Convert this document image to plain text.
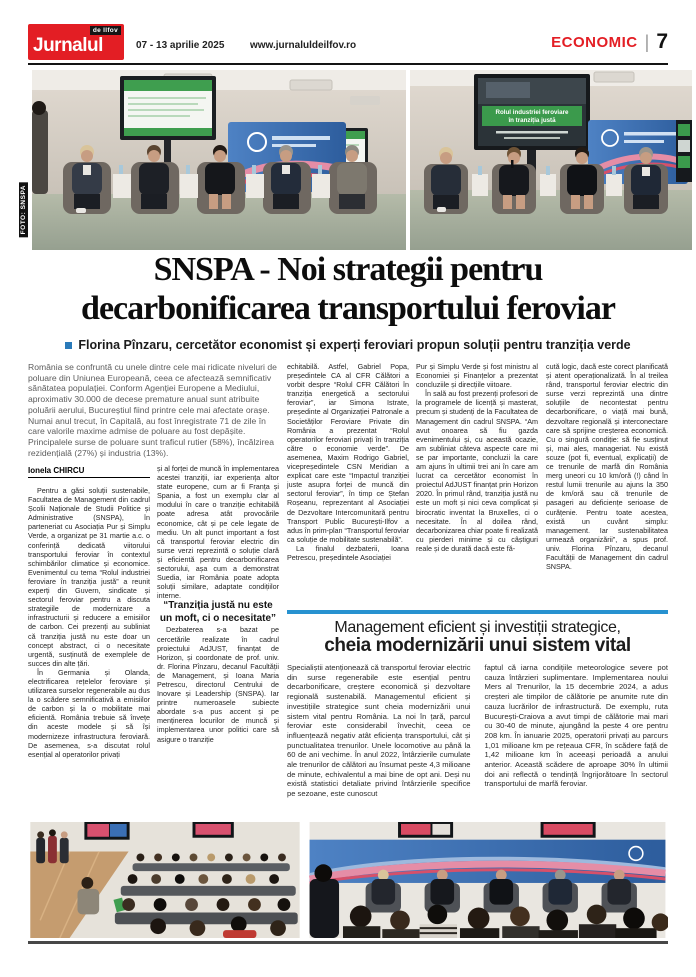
de Ilfov
Jurnalul	07 - 13 aprilie 2025	www.jurnaluldeilfov.ro	ECONOMIC | 7
FOTO: SNSPA
Rolul industriei feroviare
în tranziția justă
SNSPA - Noi strategii pentru
decarbonificarea transportului feroviar
Florina Pînzaru, cercetător economist și experți feroviari propun soluții pentru tranziția verde
România se confruntă cu unele dintre cele mai ridicate niveluri de poluare din Uniunea Europeană, ceea ce afectează semnificativ sănătatea populației. Conform Agenției Europene a Mediului, aproximativ 30.000 de decese premature anual sunt atribuite poluării aerului, Bucureștiul fiind printre cele mai afectate orașe. Numai anul trecut, în Capitală, au fost înregistrate 71 de zile în care valorile maxime admise de poluare au fost depășite. Principalele surse de poluare sunt traficul rutier (58%), încălzirea rezidențială (27%) și industria (13%).
Ionela CHIRCU

Pentru a găsi soluții sustenabile, Facultatea de Management din cadrul Școlii Naționale de Studii Politice și Administrative (SNSPA), în parteneriat cu Asociația Pur și Simplu Verde, a organizat pe 31 martie a.c. o conferință dedicată viitorului transportului feroviar în contextul schimbărilor climatice și economice. Evenimentul cu tema “Rolul industriei feroviare în tranziția justă” a reunit experți din Guvern, sindicate și sectorul feroviar pentru a discuta strategiile de modernizare a infrastructurii și reducere a emisiilor de carbon. Cei prezenți au subliniat că tranziția justă nu este doar un concept abstract, ci o necesitate urgentă, susținută de exemplele de succes din alte țări.

În Germania și Olanda, electrificarea rețelelor feroviare și utilizarea surselor regenerabile au dus la o scădere semnificativă a emisiilor de carbon și la o mobilitate mai eficientă. România trebuie să învețe din aceste modele și să își modernizeze infrastructura feroviară. De asemenea, s-a discutat rolul esențial al operatorilor privați

și al forței de muncă în implementarea acestei tranziții, iar experiența altor state europene, cum ar fi Franța și Spania, a fost un exemplu clar al modului în care o tranziție echitabilă poate adresa atât provocările economice, cât și pe cele legate de mediu. Un alt punct important a fost că transportul feroviar electric din surse verzi reprezintă o soluție clară și eficientă pentru decarbonificarea sectorului, așa cum a demonstrat Suedia, iar România poate adopta soluții similare, adaptate condițiilor interne.

“Tranziția justă nu este un moft, ci o necesitate”

Dezbaterea s-a bazat pe cercetările realizate în cadrul proiectului AdJUST, finanțat de Horizon, și coordonate de prof. univ. dr. Florina Pînzaru, decanul Facultății de Management, și Ioana Maria Petrescu, directorul Centrului de Inovare și Leadership (SNSPA). Iar printre numeroasele subiecte abordate s-a pus accent și pe menținerea locurilor de muncă și implementarea unor politici care să asigure o tranziție

echitabilă. Astfel, Gabriel Popa, președintele CA al CFR Călători a vorbit despre “Rolul CFR Călători în tranziția energetică a sectorului feroviar”, iar Simona Istrate, președinte al Organizației Patronale a Societăților Feroviare Private din România a prezentat “Rolul operatorilor feroviari privați în tranziția către o economie verde”. De asemenea, Maxim Rodrigo Gabriel, vicepreședintele CSN Meridian a explicat care este “Impactul tranziției juste asupra forței de muncă din sectorul feroviar”, în timp ce Ștefan Roșeanu, reprezentant al Asociației de Dezvoltare Intercomunitară pentru Transport Public București-Ilfov a adus în prim-plan “Transportul feroviar ca soluție de mobilitate sustenabilă”.

La finalul dezbaterii, Ioana Petrescu, președintele Asociației

Pur și Simplu Verde și fost ministru al Economiei și Finanțelor a prezentat concluziile și direcțiile viitoare.

În sală au fost prezenți profesori de la programele de licență și masterat, precum și studenți de la Facultatea de Management din cadrul SNSPA. “Am avut onoarea să fiu gazda evenimentului și, cu această ocazie, am subliniat câteva aspecte care mi se par importante, concluzii la care am ajuns în ultimii trei ani în care am lucrat ca cercetător economist în proiectul AdJUST finanțat prin Horizon 2020. În primul rând, tranziția justă nu este un moft și nici ceva complicat și birocratic inventat la Bruxelles, ci o necesitate. În al doilea rând, decarbonizarea chiar poate fi realizată cu pierderi minime și cu câștiguri reale și de durată dacă este fă-

cută logic, dacă este corect planificată și atent operaționalizată. În al treilea rând, transportul feroviar electric din surse verzi reprezintă una dintre soluțiile de necontestat pentru decarbonificare, o viață mai bună, dezvoltare regională și interconectare care să sprijine creșterea economică. Cu o singură condiție: să fie susținut și, mai ales, manageriat. Nu există scuze (pot fi, eventual, explicații) de ce trenurile de marfă din România merg uneori cu 10 km/oră (!) când în restul lumii trenurile au ajuns la 350 de km/oră sau că trenurile de pasageri au deficiențe serioase de curățenie. Pentru toate acestea, există un cuvânt simplu: management. Iar sustenabilitatea urmează organizării”, a spus prof. univ. Florina Pînzaru, decanul Facultății de Management din cadrul SNSPA.

Management eficient și investiții strategice,
cheia modernizării unui sistem vital
Specialiștii atenționează că transportul feroviar electric din surse regenerabile este esențial pentru decarbonificare, creștere economică și dezvoltare regională sustenabilă. Managementul eficient și investițiile strategice sunt cheia modernizării unui sistem vital pentru România. La noi în țară, parcul feroviar este considerabil învechit, ceea ce influențează negativ atât eficiența transportului, cât și punctualitatea trenurilor. Unele locomotive au până la 60 de ani vechime. În anul 2022, întârzierile cumulate ale trenurilor de călători au însumat peste 4,3 milioane de minute, echivalentul a mai bine de opt ani. Deși nu există statistici detaliate privind întârzierile specifice pe sezoane, este cunoscut
faptul că iarna condițiile meteorologice severe pot cauza întârzieri suplimentare. Implementarea noului Mers al Trenurilor, la 15 decembrie 2024, a adus creșteri ale timpilor de călătorie pe anumite rute din cauza lucrărilor de infrastructură. De exemplu, ruta București-Craiova a avut timpi de călătorie mai mari cu 30-40 de minute, ajungând la peste 4 ore pentru 208 km. În ianuarie 2025, operatorii privați au parcurs 1,01 milioane km pe rețeaua CFR, în scădere față de 1,42 milioane km în aceeași perioadă a anului anterior. Această scădere de aproape 30% în ultimii doi ani reflectă o tendință îngrijorătoare în sectorul transportului de marfă feroviar.
